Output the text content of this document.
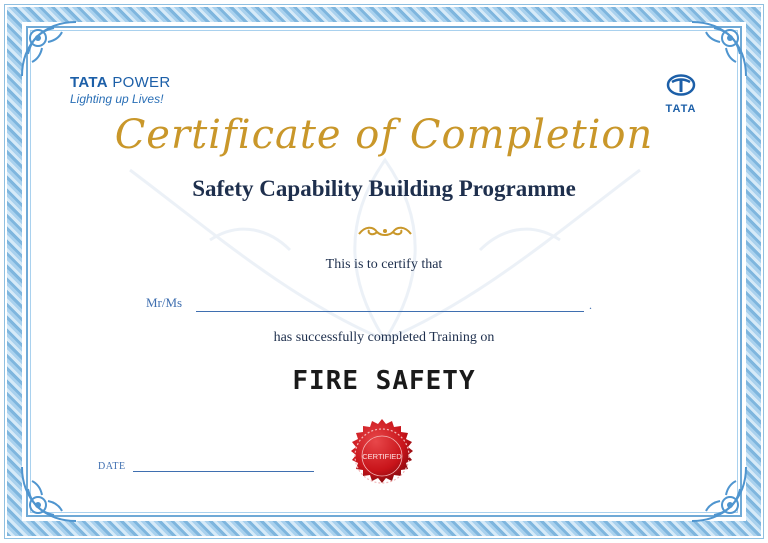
TATA POWER
Lighting up Lives!
TATA
Certificate of Completion
Safety Capability Building Programme
This is to certify that
Mr/Ms	.
has successfully completed Training on
FIRE SAFETY
CERTIFIED
DATE
